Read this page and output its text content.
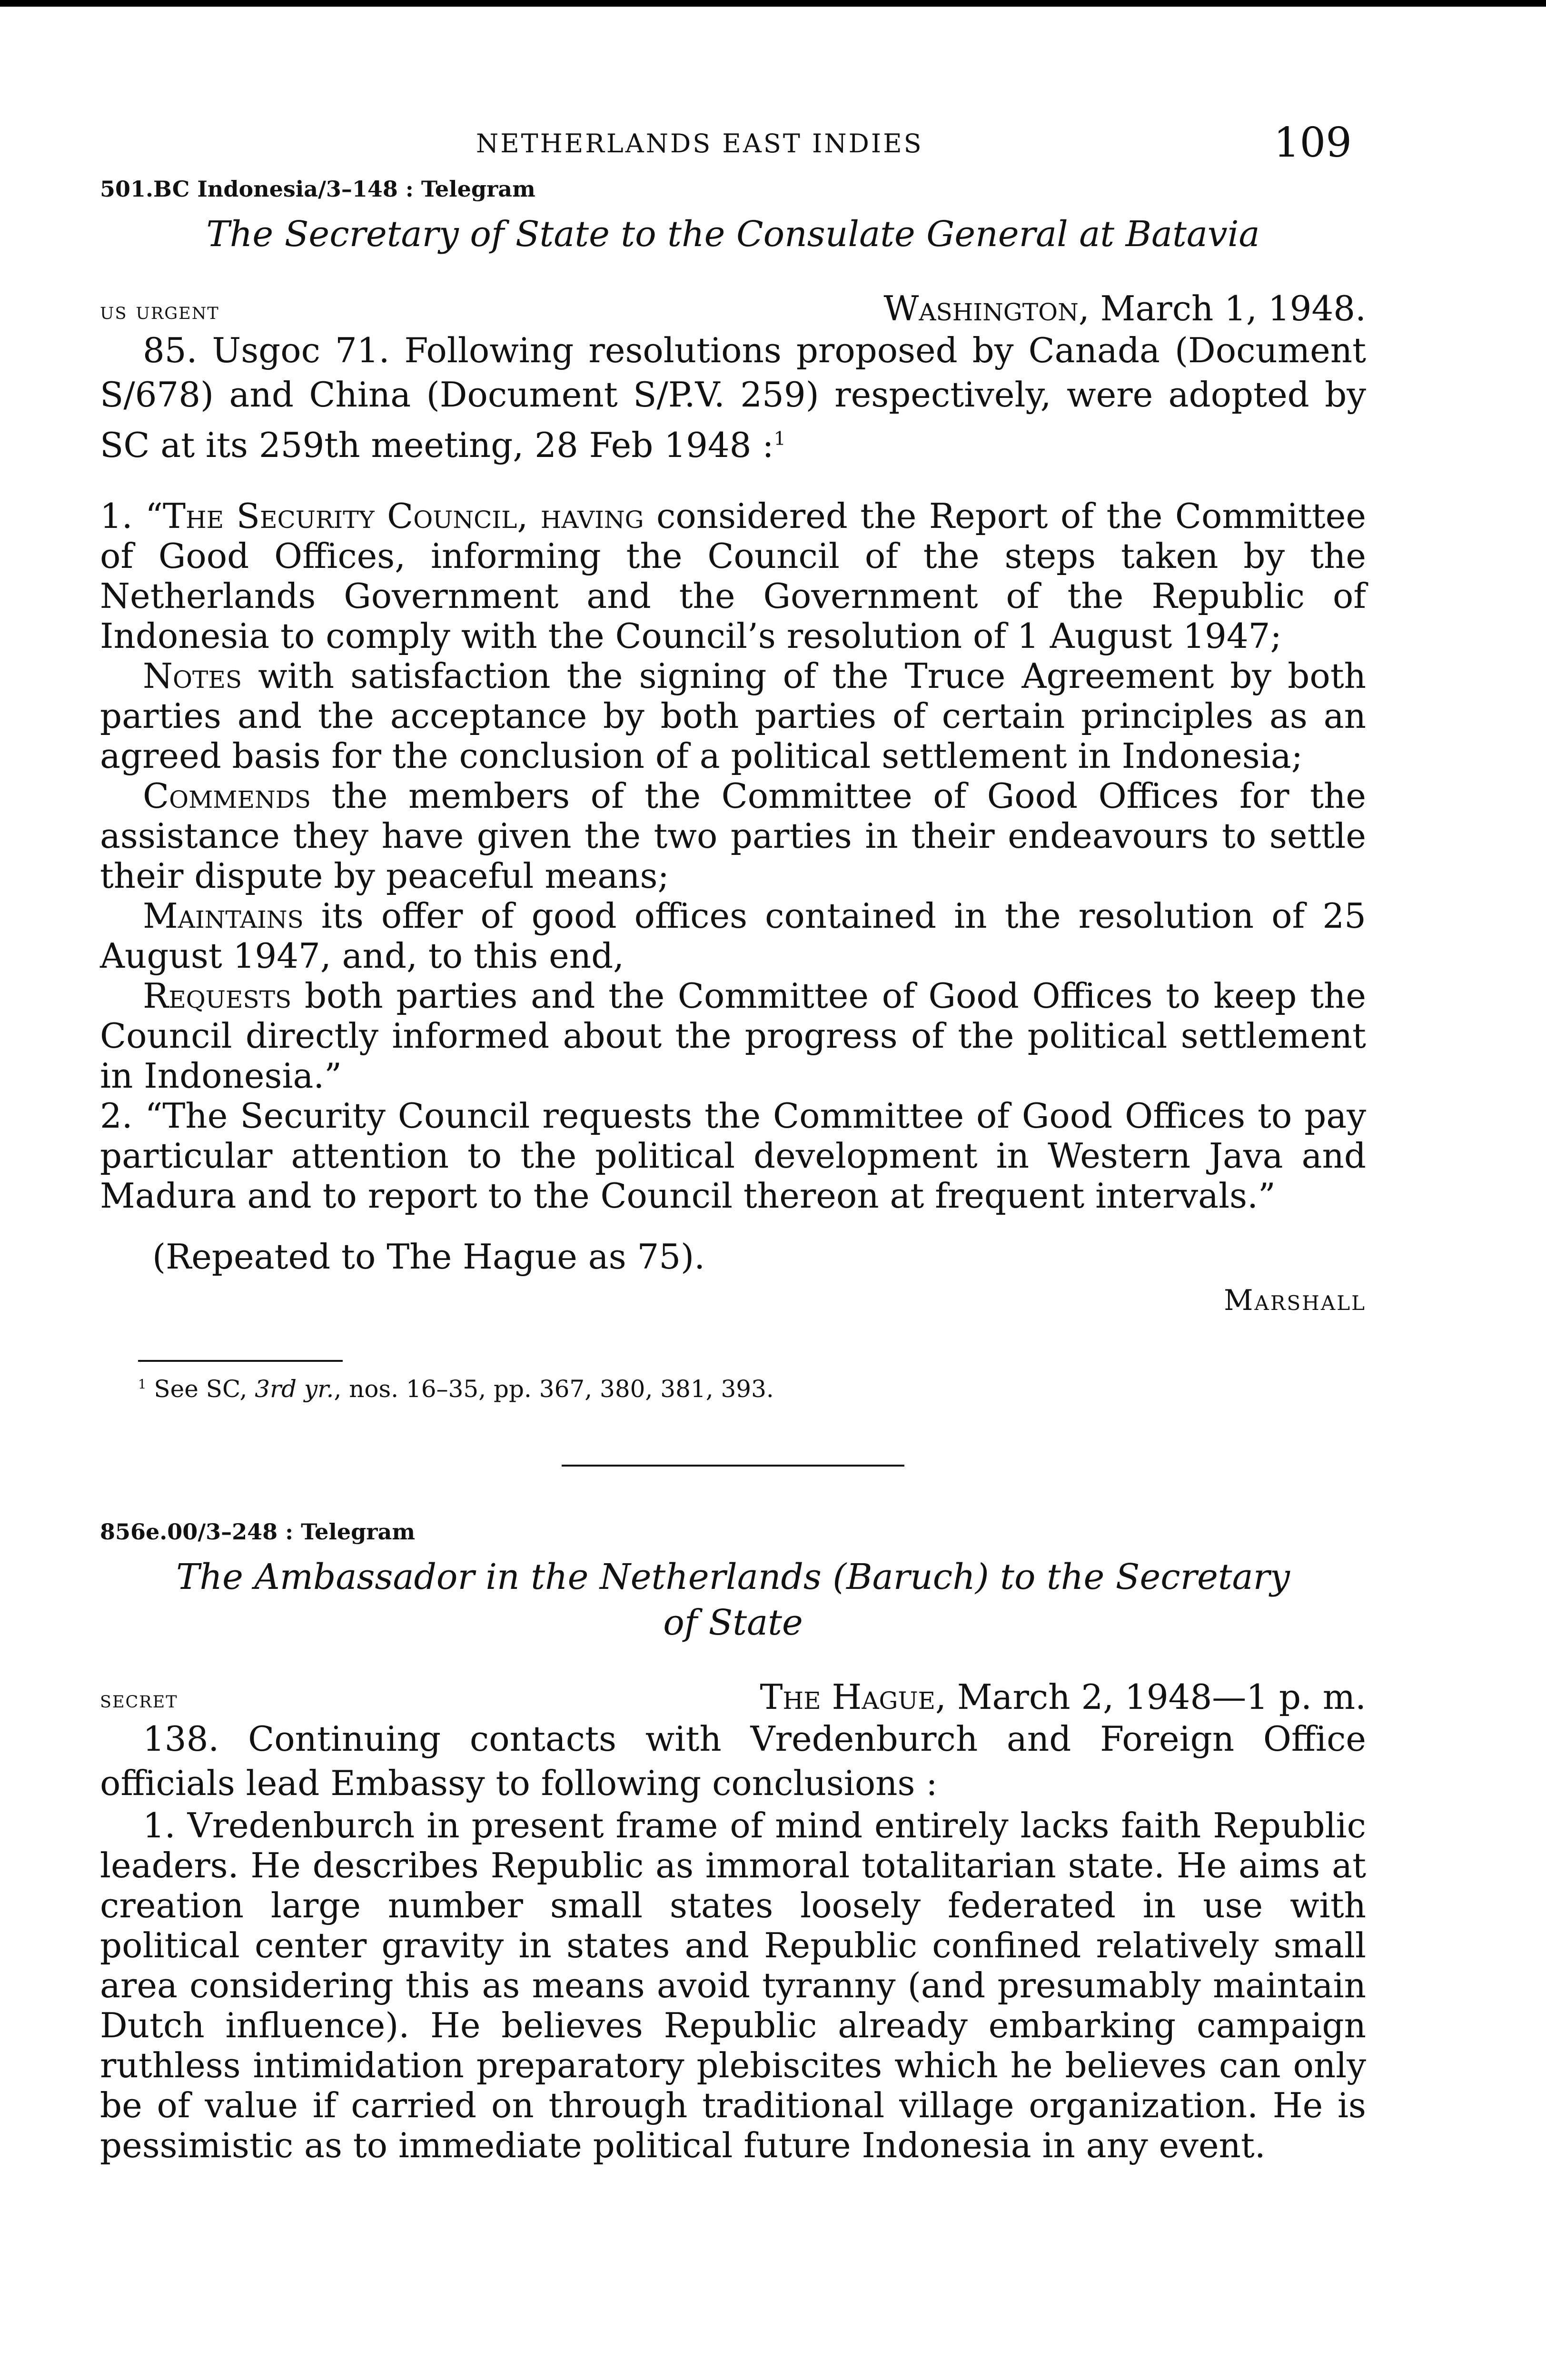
NETHERLANDS EAST INDIES	109
501.BC Indonesia/3–148 : Telegram
The Secretary of State to the Consulate General at Batavia
us urgent	Washington, March 1, 1948.

85. Usgoc 71. Following resolutions proposed by Canada (Document S/678) and China (Document S/P.V. 259) respectively, were adopted by SC at its 259th meeting, 28 Feb 1948 :$^1$

1. “The Security Council, having considered the Report of the Committee of Good Offices, informing the Council of the steps taken by the Netherlands Government and the Government of the Republic of Indonesia to comply with the Council’s resolution of 1 August 1947;

Notes with satisfaction the signing of the Truce Agreement by both parties and the acceptance by both parties of certain principles as an agreed basis for the conclusion of a political settlement in Indonesia;

Commends the members of the Committee of Good Offices for the assistance they have given the two parties in their endeavours to settle their dispute by peaceful means;

Maintains its offer of good offices contained in the resolution of 25 August 1947, and, to this end,

Requests both parties and the Committee of Good Offices to keep the Council directly informed about the progress of the political settlement in Indonesia.”

2. “The Security Council requests the Committee of Good Offices to pay particular attention to the political development in Western Java and Madura and to report to the Council thereon at frequent intervals.”

(Repeated to The Hague as 75).

Marshall
$^1$ See SC, 3rd yr., nos. 16–35, pp. 367, 380, 381, 393.
856e.00/3–248 : Telegram
The Ambassador in the Netherlands (Baruch) to the Secretary
of State
secret	The Hague, March 2, 1948—1 p. m.

138. Continuing contacts with Vredenburch and Foreign Office officials lead Embassy to following conclusions :

1. Vredenburch in present frame of mind entirely lacks faith Republic leaders. He describes Republic as immoral totalitarian state. He aims at creation large number small states loosely federated in use with political center gravity in states and Republic confined relatively small area considering this as means avoid tyranny (and presumably maintain Dutch influence). He believes Republic already embarking campaign ruthless intimidation preparatory plebiscites which he believes can only be of value if carried on through traditional village organization. He is pessimistic as to immediate political future Indonesia in any event.
